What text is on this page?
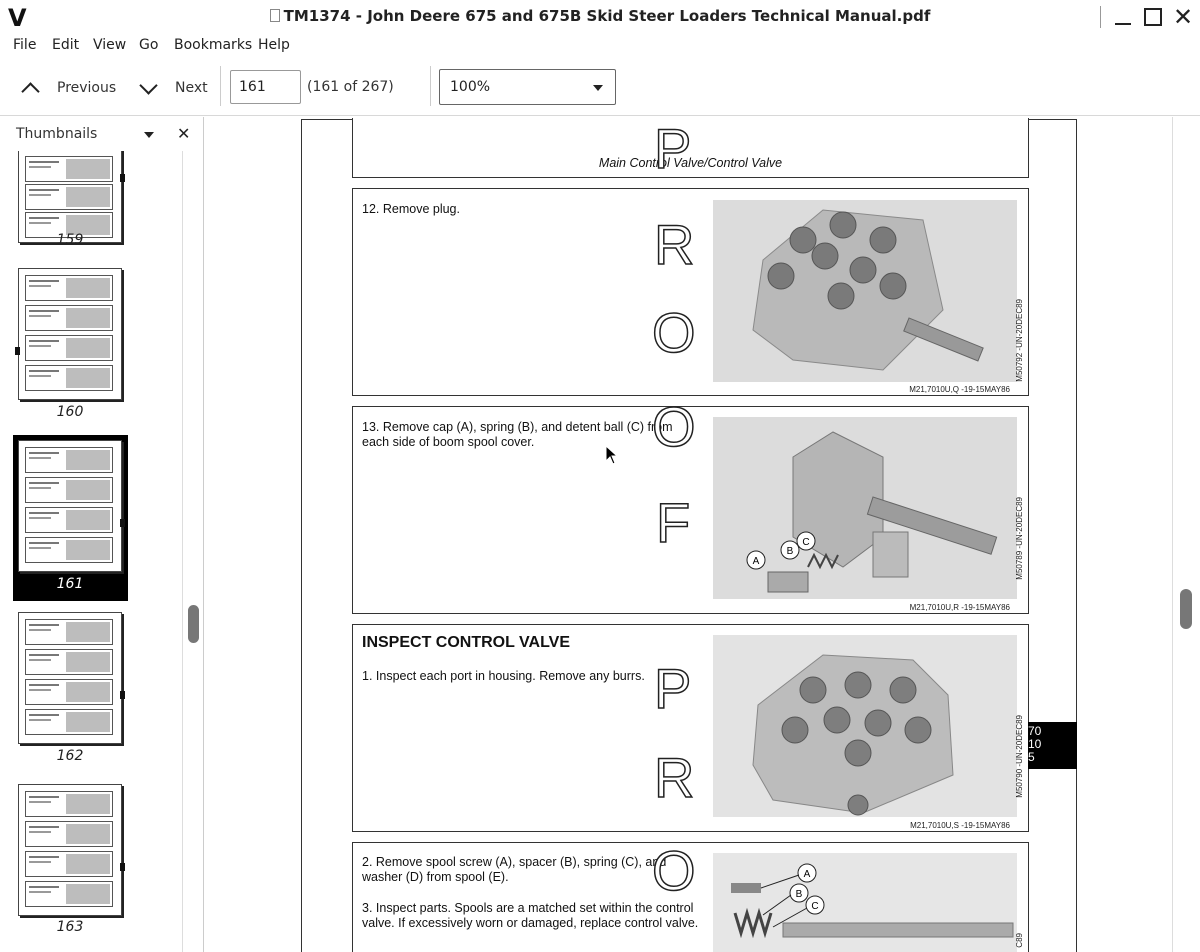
V	TM1374 - John Deere 675 and 675B Skid Steer Loaders Technical Manual.pdf	✕
File Edit View Go Bookmarks Help
Previous	Next
161	(161 of 267)	100%
Thumbnails	✕
159
160
161
162
163
Main Control Valve/Control Valve
12. Remove plug.
M50792 -UN-20DEC89
M21,7010U,Q -19-15MAY86
13. Remove cap (A), spring (B), and detent ball (C) from each side of boom spool cover.
A
B
C	M50789 -UN-20DEC89
M21,7010U,R -19-15MAY86
INSPECT CONTROL VALVE
1. Inspect each port in housing. Remove any burrs.
M50790 -UN-20DEC89
M21,7010U,S -19-15MAY86
2. Remove spool screw (A), spacer (B), spring (C), and washer (D) from spool (E).
3. Inspect parts. Spools are a matched set within the control valve. If excessively worn or damaged, replace control valve.
A
B
C
C89
P
R
O
O
F
P
R
O
70
10
5
